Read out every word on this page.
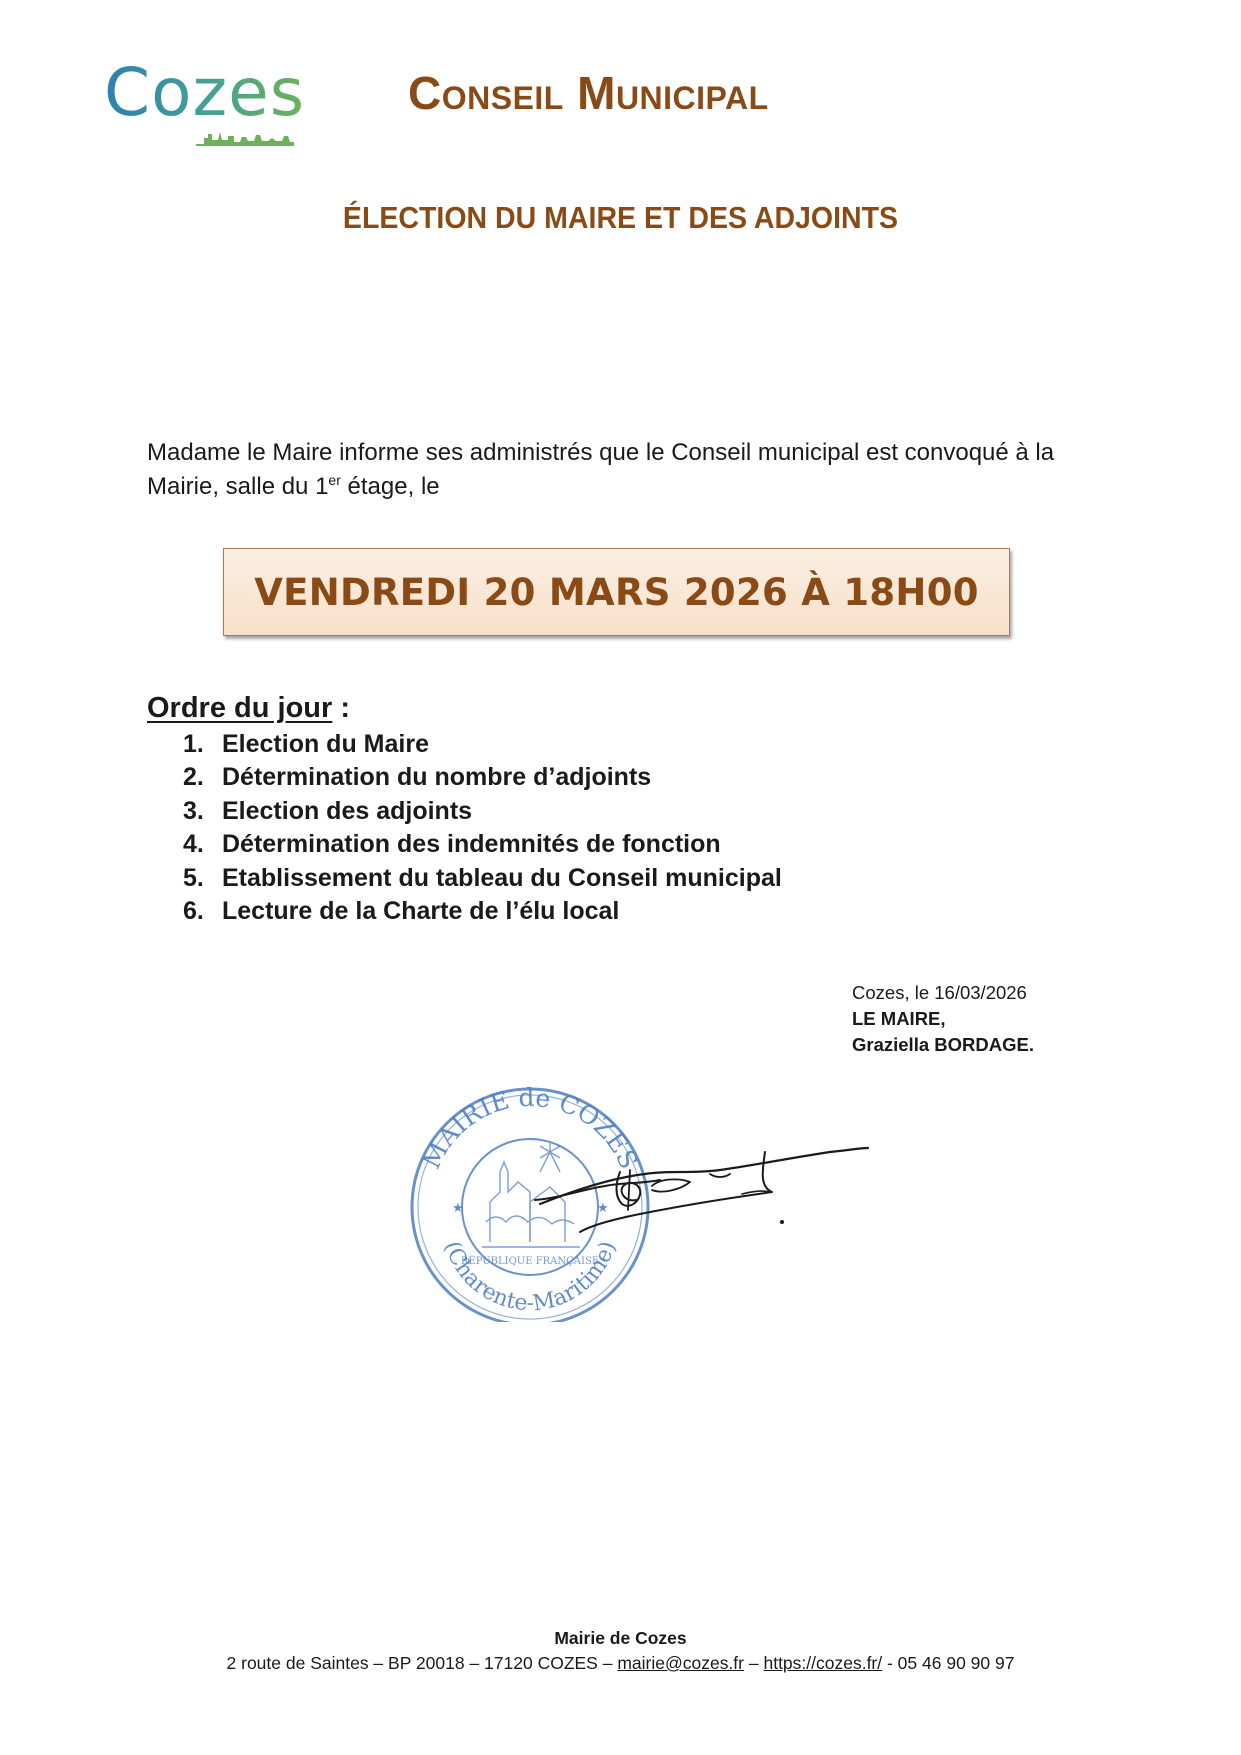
Cozes Conseil Municipal
ÉLECTION DU MAIRE ET DES ADJOINTS
Madame le Maire informe ses administrés que le Conseil municipal est convoqué à la
Mairie, salle du 1er étage, le
VENDREDI 20 MARS 2026 À 18H00
Ordre du jour :
1. Election du Maire
2. Détermination du nombre d’adjoints
3. Election des adjoints
4. Détermination des indemnités de fonction
5. Etablissement du tableau du Conseil municipal
6. Lecture de la Charte de l’élu local
Cozes, le 16/03/2026
LE MAIRE,
Graziella BORDAGE.
RÉPUBLIQUE FRANÇAISE
★	★
MAIRIE de COZES
(Charente-Maritime)
Mairie de Cozes
2 route de Saintes – BP 20018 – 17120 COZES – mairie@cozes.fr – https://cozes.fr/ - 05 46 90 90 97
